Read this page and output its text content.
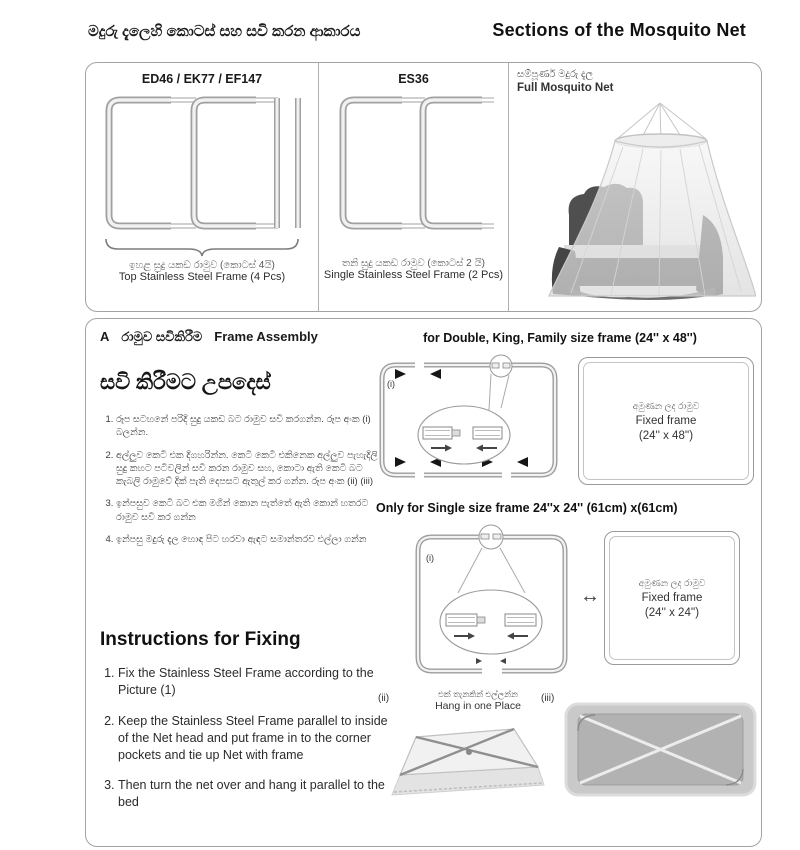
මදුරු දැලෙහි කොටස් සහ සවි කරන ආකාරය	Sections of the Mosquito Net
ED46 / EK77 / EF147
ඉහළ සුදු යකඩ රාමුව (කොටස් 4යි)
Top Stainless Steel Frame (4 Pcs)
ES36
තනි සුදු යකඩ රාමුව (කොටස් 2 යි)
Single Stainless Steel Frame (2 Pcs)
සම්පූර්ණ මදුරු දැල
Full Mosquito Net
A රාමුව සවිකිරීම Frame Assembly
සවි කිරීමට උපදෙස්
1. රූප සටහනේ පරිදි සුදු යකඩ බට රාමුව සවි කරගන්න. රූප අංක (i) බලන්න.
2. අල්ලුව කෙටි එක දිගහරින්න. කෙටි කෙටි එකිනෙක අල්ලුව පැහැදිලි සුදු කහට පටිවලින් සවි කරන රාමුව සහ, කොටා ඇති කෙටි බට කැබලි රාමුවේ දික් පැති දෙපසට ඇතුල් කර ගන්න. රූප අංක (ii) (iii)
3. ඉන්පසුව කෙටි බට එක මගින් කොන පැත්තේ ඇති කොන් හතරට රාමුව සවි කර ගන්න
4. ඉන්පසු මදුරු දැල හොඳ පිට හරවා ඇඳට සමාන්තරව එල්ලා ගන්න
Instructions for Fixing
1. Fix the Stainless Steel Frame according to the Picture (1)
2. Keep the Stainless Steel Frame parallel to inside of the Net head and put frame in to the corner pockets and tie up Net with frame
3. Then turn the net over and hang it parallel to the bed
for Double, King, Family size frame (24'' x 48'')
(i)
අමුණන ලද රාමුව
Fixed frame
(24'' x 48'')
Only for Single size frame 24''x 24'' (61cm) x(61cm)
(i)
↔
අමුණන ලද රාමුව
Fixed frame
(24'' x 24'')
(ii)	එක් තැනකින් එල්ලන්න
Hang in one Place
(iii)
